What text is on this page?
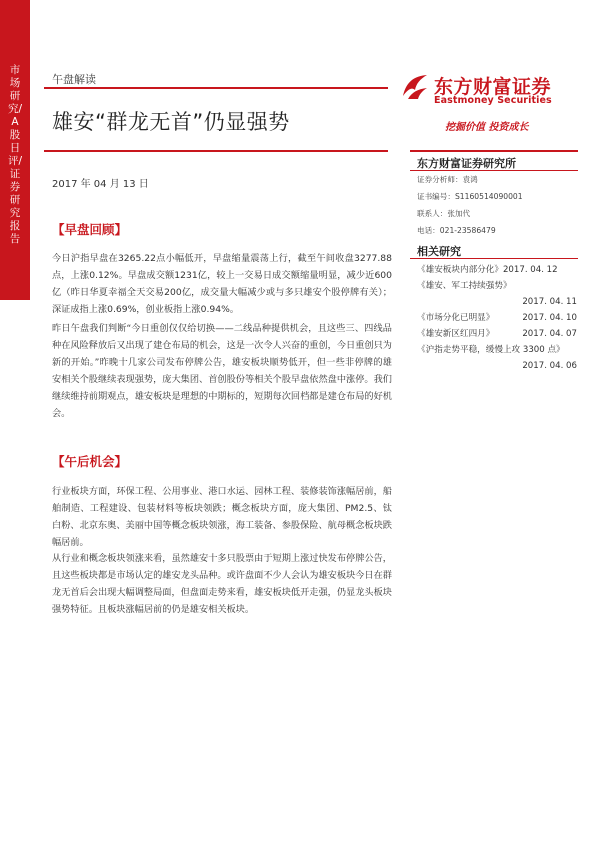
市场研究/A股日评/证券研究报告
午盘解读
雄安“群龙无首”仍显强势
2017 年 04 月 13 日
东方财富证券
Eastmoney Securities
挖掘价值 投资成长
东方财富证券研究所
证券分析师：袁鸿
证书编号：S1160514090001
联系人：张加代
电话：021-23586479
相关研究
《雄安板块内部分化》2017. 04. 12
《雄安、军工持续强势》
2017. 04. 11
《市场分化已明显》	2017. 04. 10
《雄安新区红四月》	2017. 04. 07
《沪指走势平稳，缓慢上攻 3300 点》
2017. 04. 06
【早盘回顾】

今日沪指早盘在3265.22点小幅低开，早盘缩量震荡上行，截至午间收盘3277.88点，上涨0.12%。早盘成交额1231亿，较上一交易日成交额缩量明显，减少近600亿（昨日华夏幸福全天交易200亿，成交量大幅减少或与多只雄安个股停牌有关）；深证成指上涨0.69%，创业板指上涨0.94%。

昨日午盘我们判断“今日重创仅仅给切换——二线品种提供机会，且这些三、四线品种在风险释放后又出现了建仓布局的机会，这是一次令人兴奋的重创，今日重创只为新的开始。”昨晚十几家公司发布停牌公告，雄安板块顺势低开，但一些非停牌的雄安相关个股继续表现强势，庞大集团、首创股份等相关个股早盘依然盘中涨停。我们继续维持前期观点，雄安板块是理想的中期标的，短期每次回档都是建仓布局的好机会。

【午后机会】

行业板块方面，环保工程、公用事业、港口水运、园林工程、装修装饰涨幅居前，船舶制造、工程建设、包装材料等板块领跌；概念板块方面，庞大集团、PM2.5、钛白粉、北京东奥、美丽中国等概念板块领涨，海工装备、参股保险、航母概念板块跌幅居前。

从行业和概念板块领涨来看，虽然雄安十多只股票由于短期上涨过快发布停牌公告，且这些板块都是市场认定的雄安龙头品种。或许盘面不少人会认为雄安板块今日在群龙无首后会出现大幅调整局面，但盘面走势来看，雄安板块低开走强，仍显龙头板块强势特征。且板块涨幅居前的仍是雄安相关板块。
